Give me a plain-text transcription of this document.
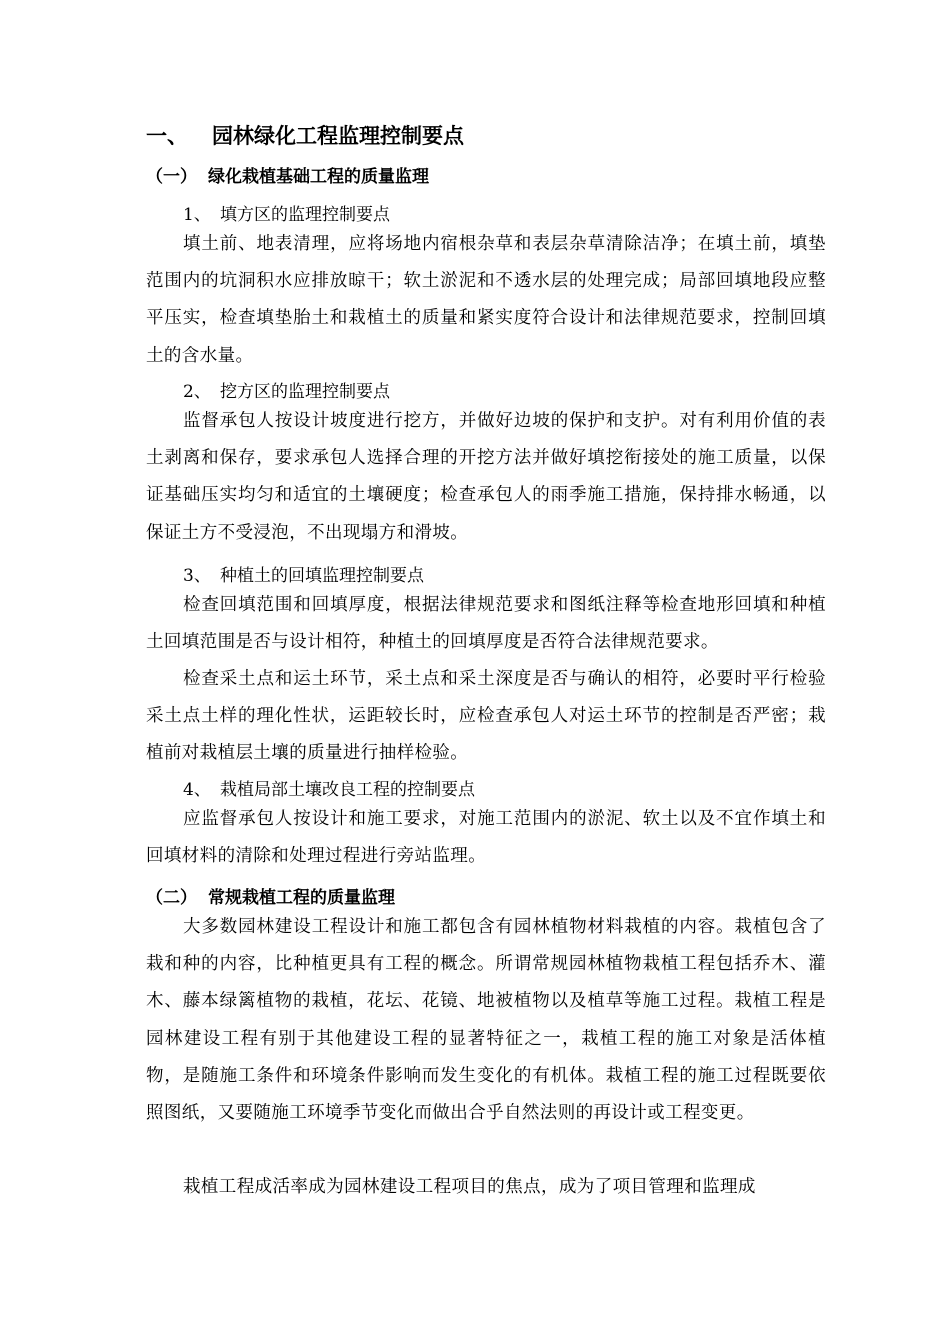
一、 园林绿化工程监理控制要点
（一） 绿化栽植基础工程的质量监理
1、 填方区的监理控制要点
填土前、地表清理，应将场地内宿根杂草和表层杂草清除洁净；在填土前，填垫范围内的坑洞积水应排放晾干；软土淤泥和不透水层的处理完成；局部回填地段应整平压实，检查填垫胎土和栽植土的质量和紧实度符合设计和法律规范要求，控制回填土的含水量。
2、 挖方区的监理控制要点
监督承包人按设计坡度进行挖方，并做好边坡的保护和支护。对有利用价值的表土剥离和保存，要求承包人选择合理的开挖方法并做好填挖衔接处的施工质量，以保证基础压实均匀和适宜的土壤硬度；检查承包人的雨季施工措施，保持排水畅通，以保证土方不受浸泡，不出现塌方和滑坡。
3、 种植土的回填监理控制要点
检查回填范围和回填厚度，根据法律规范要求和图纸注释等检查地形回填和种植土回填范围是否与设计相符，种植土的回填厚度是否符合法律规范要求。
检查采土点和运土环节，采土点和采土深度是否与确认的相符，必要时平行检验采土点土样的理化性状，运距较长时，应检查承包人对运土环节的控制是否严密；栽植前对栽植层土壤的质量进行抽样检验。
4、 栽植局部土壤改良工程的控制要点
应监督承包人按设计和施工要求，对施工范围内的淤泥、软土以及不宜作填土和回填材料的清除和处理过程进行旁站监理。
（二） 常规栽植工程的质量监理
大多数园林建设工程设计和施工都包含有园林植物材料栽植的内容。栽植包含了栽和种的内容，比种植更具有工程的概念。所谓常规园林植物栽植工程包括乔木、灌木、藤本绿篱植物的栽植，花坛、花镜、地被植物以及植草等施工过程。栽植工程是园林建设工程有别于其他建设工程的显著特征之一，栽植工程的施工对象是活体植物，是随施工条件和环境条件影响而发生变化的有机体。栽植工程的施工过程既要依照图纸，又要随施工环境季节变化而做出合乎自然法则的再设计或工程变更。
栽植工程成活率成为园林建设工程项目的焦点，成为了项目管理和监理成
